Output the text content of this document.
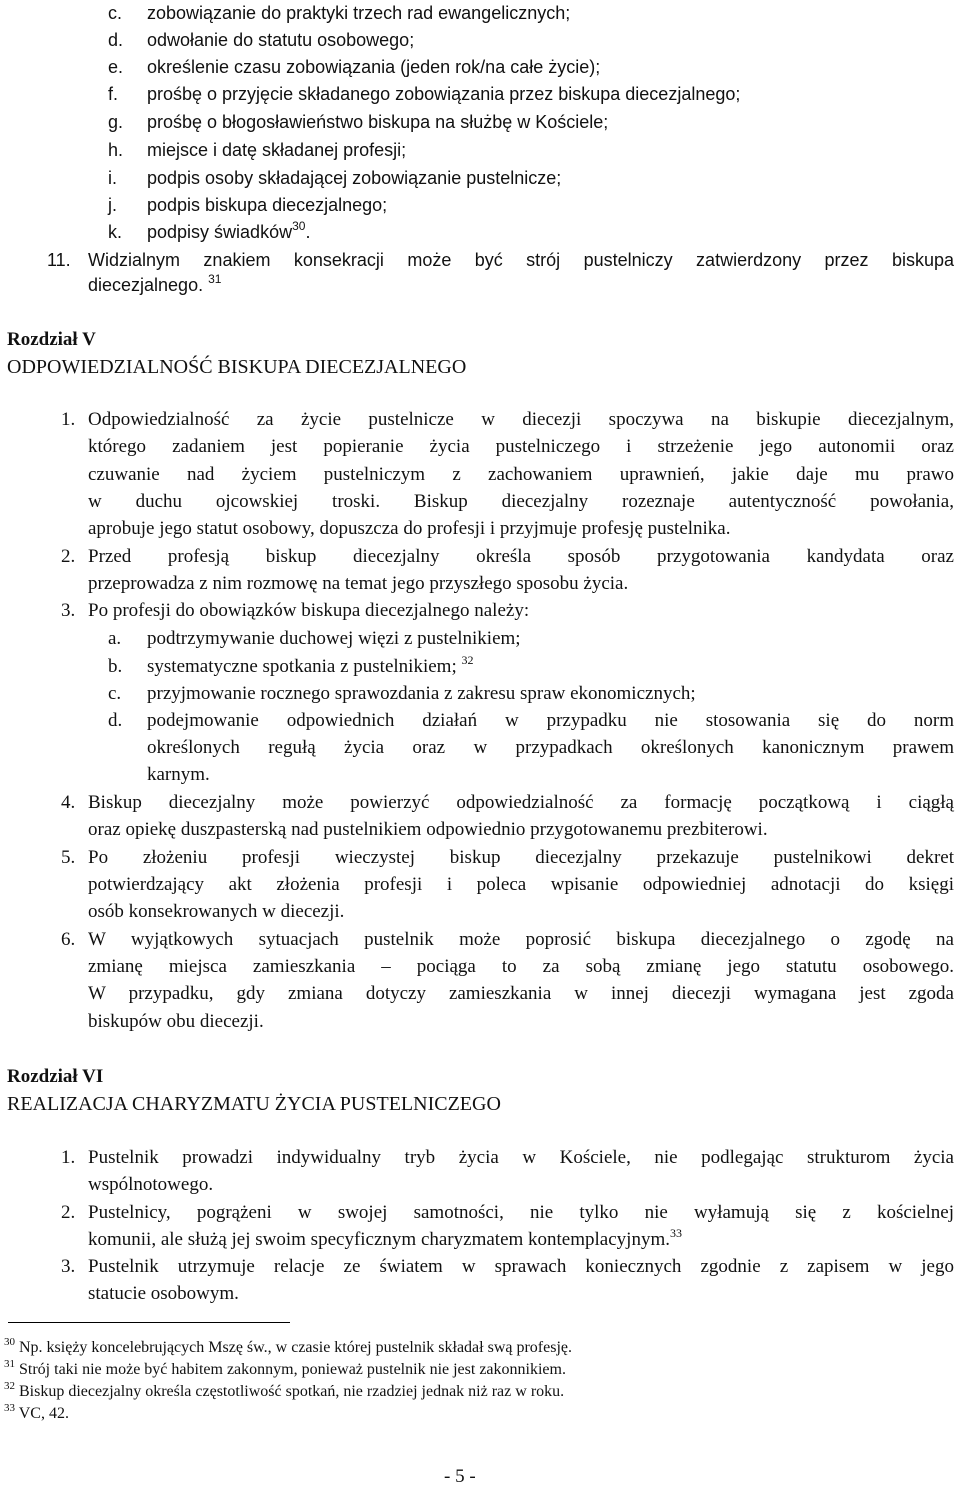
c. zobowiązanie do praktyki trzech rad ewangelicznych;
d. odwołanie do statutu osobowego;
e. określenie czasu zobowiązania (jeden rok/na całe życie);
f. prośbę o przyjęcie składanego zobowiązania przez biskupa diecezjalnego;
g. prośbę o błogosławieństwo biskupa na służbę w Kościele;
h. miejsce i datę składanej profesji;
i. podpis osoby składającej zobowiązanie pustelnicze;
j. podpis biskupa diecezjalnego;
k. podpisy świadków$^{30}$.
11. Widzialnym znakiem konsekracji może być strój pustelniczy zatwierdzony przez biskupa
diecezjalnego. $^{31}$
Rozdział V
ODPOWIEDZIALNOŚĆ BISKUPA DIECEZJALNEGO
1. Odpowiedzialność za życie pustelnicze w diecezji spoczywa na biskupie diecezjalnym,
którego zadaniem jest popieranie życia pustelniczego i strzeżenie jego autonomii oraz
czuwanie nad życiem pustelniczym z zachowaniem uprawnień, jakie daje mu prawo
w duchu ojcowskiej troski. Biskup diecezjalny rozeznaje autentyczność powołania,
aprobuje jego statut osobowy, dopuszcza do profesji i przyjmuje profesję pustelnika.
2. Przed profesją biskup diecezjalny określa sposób przygotowania kandydata oraz
przeprowadza z nim rozmowę na temat jego przyszłego sposobu życia.
3. Po profesji do obowiązków biskupa diecezjalnego należy:
a. podtrzymywanie duchowej więzi z pustelnikiem;
b. systematyczne spotkania z pustelnikiem; $^{32}$
c. przyjmowanie rocznego sprawozdania z zakresu spraw ekonomicznych;
d. podejmowanie odpowiednich działań w przypadku nie stosowania się do norm
określonych regułą życia oraz w przypadkach określonych kanonicznym prawem
karnym.
4. Biskup diecezjalny może powierzyć odpowiedzialność za formację początkową i ciągłą
oraz opiekę duszpasterską nad pustelnikiem odpowiednio przygotowanemu prezbiterowi.
5. Po złożeniu profesji wieczystej biskup diecezjalny przekazuje pustelnikowi dekret
potwierdzający akt złożenia profesji i poleca wpisanie odpowiedniej adnotacji do księgi
osób konsekrowanych w diecezji.
6. W wyjątkowych sytuacjach pustelnik może poprosić biskupa diecezjalnego o zgodę na
zmianę miejsca zamieszkania – pociąga to za sobą zmianę jego statutu osobowego.
W przypadku, gdy zmiana dotyczy zamieszkania w innej diecezji wymagana jest zgoda
biskupów obu diecezji.
Rozdział VI
REALIZACJA CHARYZMATU ŻYCIA PUSTELNICZEGO
1. Pustelnik prowadzi indywidualny tryb życia w Kościele, nie podlegając strukturom życia
wspólnotowego.
2. Pustelnicy, pogrążeni w swojej samotności, nie tylko nie wyłamują się z kościelnej
komunii, ale służą jej swoim specyficznym charyzmatem kontemplacyjnym.$^{33}$
3. Pustelnik utrzymuje relacje ze światem w sprawach koniecznych zgodnie z zapisem w jego
statucie osobowym.
$^{30}$ Np. księży koncelebrujących Mszę św., w czasie której pustelnik składał swą profesję.
$^{31}$ Strój taki nie może być habitem zakonnym, ponieważ pustelnik nie jest zakonnikiem.
$^{32}$ Biskup diecezjalny określa częstotliwość spotkań, nie rzadziej jednak niż raz w roku.
$^{33}$ VC, 42.
- 5 -
